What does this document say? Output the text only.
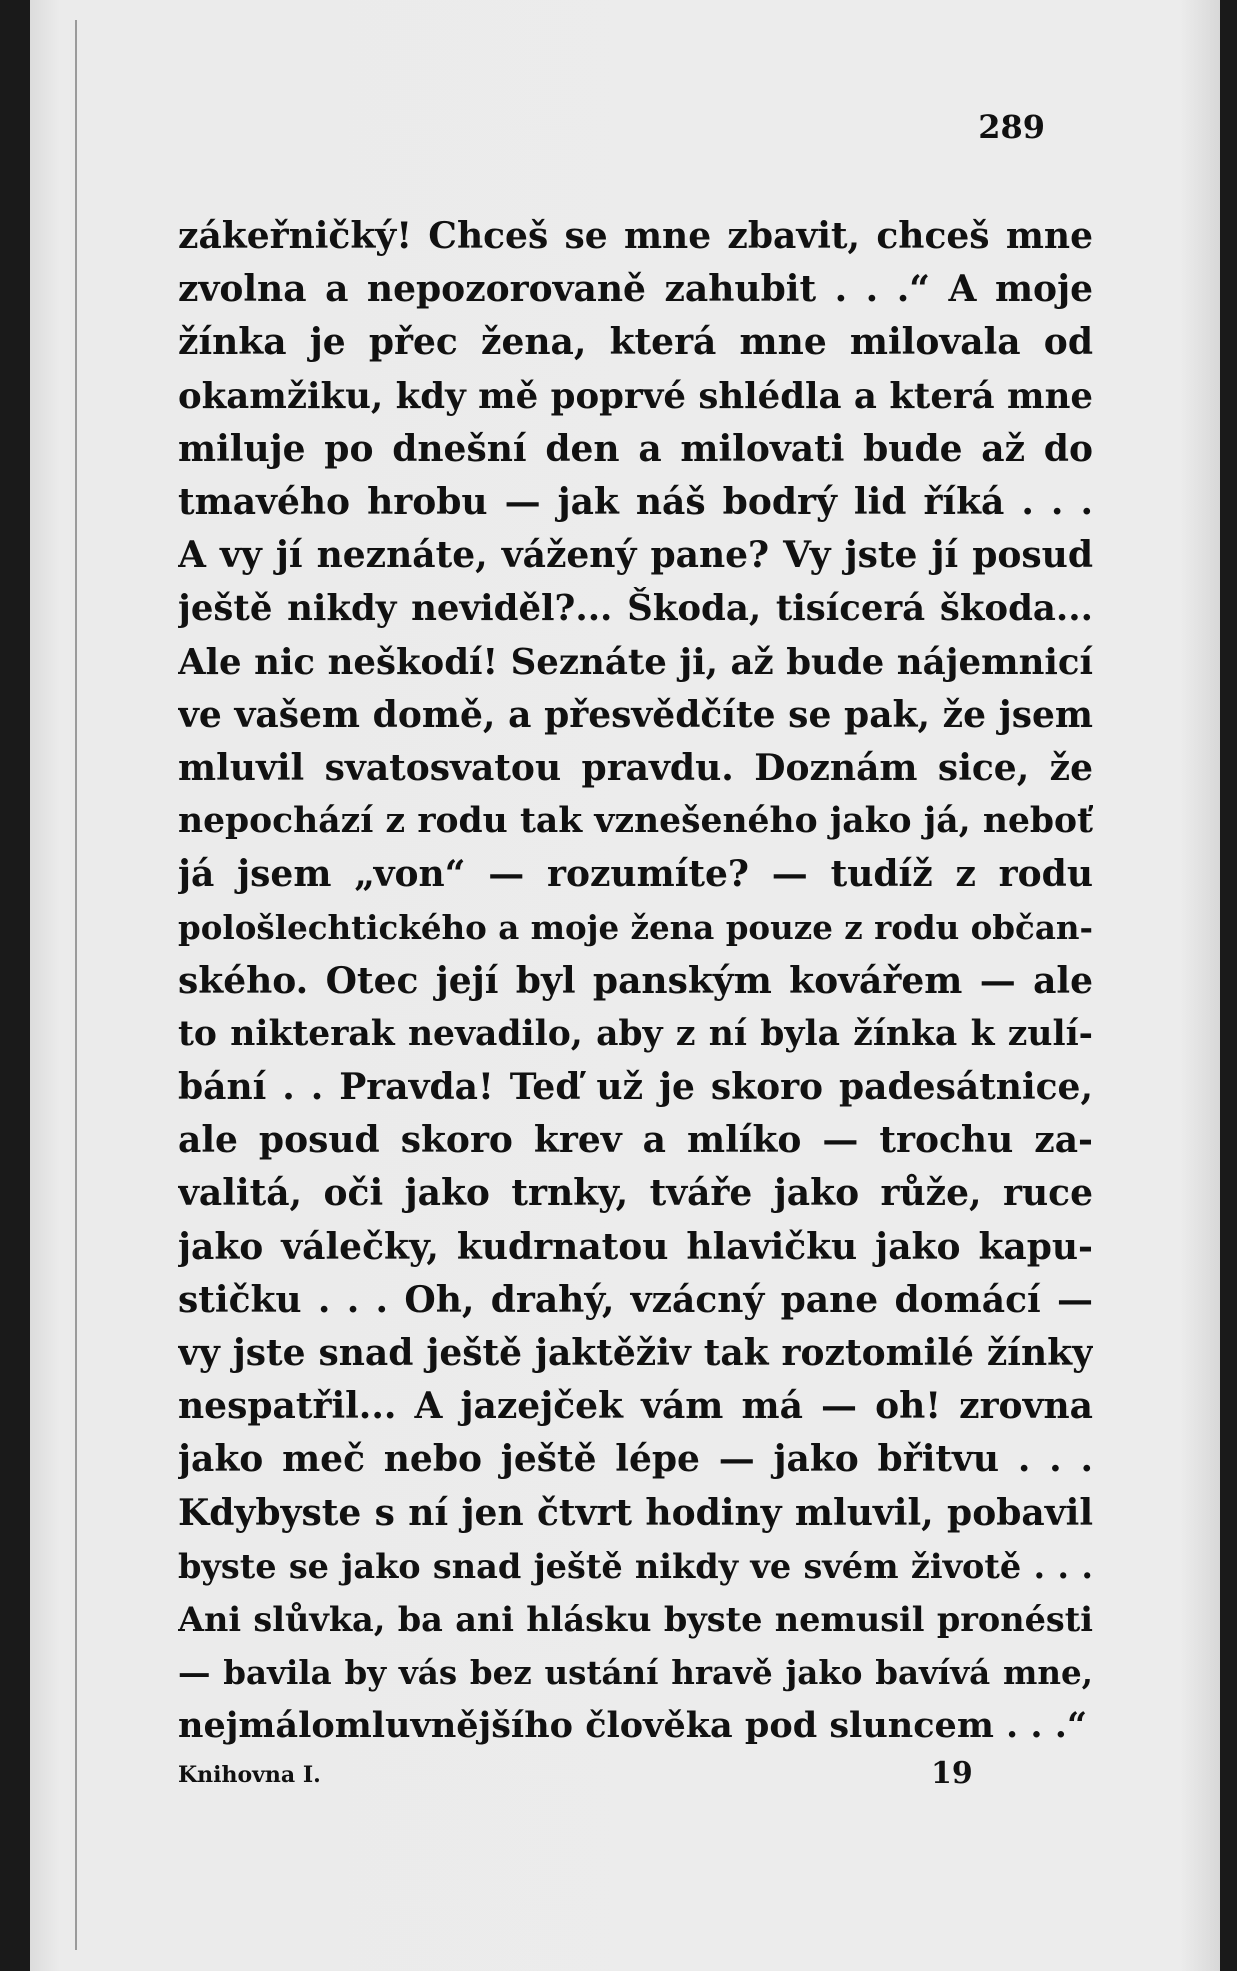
289

zákeřničký! Chceš se mne zbavit, chceš mne
zvolna a nepozorovaně zahubit . . .“ A moje
žínka je přec žena, která mne milovala od
okamžiku, kdy mě poprvé shlédla a která mne
miluje po dnešní den a milovati bude až do
tmavého hrobu — jak náš bodrý lid říká . . .
A vy jí neznáte, vážený pane? Vy jste jí posud
ještě nikdy neviděl?... Škoda, tisícerá škoda...
Ale nic neškodí! Seznáte ji, až bude nájemnicí
ve vašem domě, a přesvědčíte se pak, že jsem
mluvil svatosvatou pravdu. Doznám sice, že
nepochází z rodu tak vznešeného jako já, neboť
já jsem „von“ — rozumíte? — tudíž z rodu
pološlechtického a moje žena pouze z rodu občan-
ského. Otec její byl panským kovářem — ale
to nikterak nevadilo, aby z ní byla žínka k zulí-
bání . . Pravda! Teď už je skoro padesátnice,
ale posud skoro krev a mlíko — trochu za-
valitá, oči jako trnky, tváře jako růže, ruce
jako válečky, kudrnatou hlavičku jako kapu-
stičku . . . Oh, drahý, vzácný pane domácí —
vy jste snad ještě jaktěživ tak roztomilé žínky
nespatřil... A jazejček vám má — oh! zrovna
jako meč nebo ještě lépe — jako břitvu . . .
Kdybyste s ní jen čtvrt hodiny mluvil, pobavil
byste se jako snad ještě nikdy ve svém životě . . .
Ani slůvka, ba ani hlásku byste nemusil pronésti
— bavila by vás bez ustání hravě jako bavívá mne,
nejmálomluvnějšího člověka pod sluncem . . .“
Knihovna I.	19
